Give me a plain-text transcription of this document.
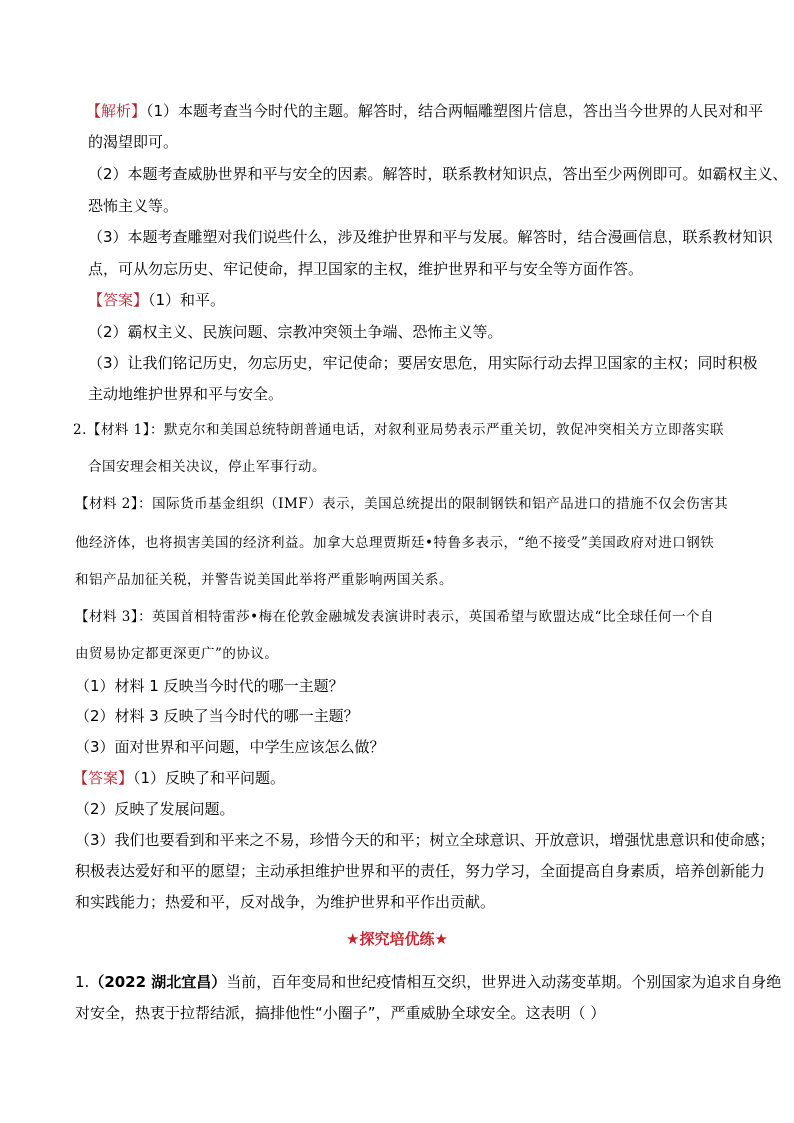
【解析】（1）本题考查当今时代的主题。解答时，结合两幅雕塑图片信息，答出当今世界的人民对和平
的渴望即可。
（2）本题考查威胁世界和平与安全的因素。解答时，联系教材知识点，答出至少两例即可。如霸权主义、
恐怖主义等。
（3）本题考查雕塑对我们说些什么，涉及维护世界和平与发展。解答时，结合漫画信息，联系教材知识
点，可从勿忘历史、牢记使命，捍卫国家的主权，维护世界和平与安全等方面作答。
【答案】（1）和平。
（2）霸权主义、民族问题、宗教冲突领土争端、恐怖主义等。
（3）让我们铭记历史，勿忘历史，牢记使命；要居安思危，用实际行动去捍卫国家的主权；同时积极
主动地维护世界和平与安全。
2.【材料 1】：默克尔和美国总统特朗普通电话，对叙利亚局势表示严重关切，敦促冲突相关方立即落实联
合国安理会相关决议，停止军事行动。
【材料 2】：国际货币基金组织（IMF）表示，美国总统提出的限制钢铁和铝产品进口的措施不仅会伤害其
他经济体，也将损害美国的经济利益。加拿大总理贾斯廷•特鲁多表示，“绝不接受”美国政府对进口钢铁
和铝产品加征关税，并警告说美国此举将严重影响两国关系。
【材料 3】：英国首相特雷莎•梅在伦敦金融城发表演讲时表示，英国希望与欧盟达成“比全球任何一个自
由贸易协定都更深更广”的协议。
（1）材料 1 反映当今时代的哪一主题？
（2）材料 3 反映了当今时代的哪一主题？
（3）面对世界和平问题，中学生应该怎么做？
【答案】（1）反映了和平问题。
（2）反映了发展问题。
（3）我们也要看到和平来之不易，珍惜今天的和平；树立全球意识、开放意识，增强忧患意识和使命感；
积极表达爱好和平的愿望；主动承担维护世界和平的责任，努力学习，全面提高自身素质，培养创新能力
和实践能力；热爱和平，反对战争，为维护世界和平作出贡献。
★探究培优练★
1.（2022 湖北宜昌）当前，百年变局和世纪疫情相互交织，世界进入动荡变革期。个别国家为追求自身绝
对安全，热衷于拉帮结派，搞排他性“小圈子”，严重威胁全球安全。这表明（ ）
